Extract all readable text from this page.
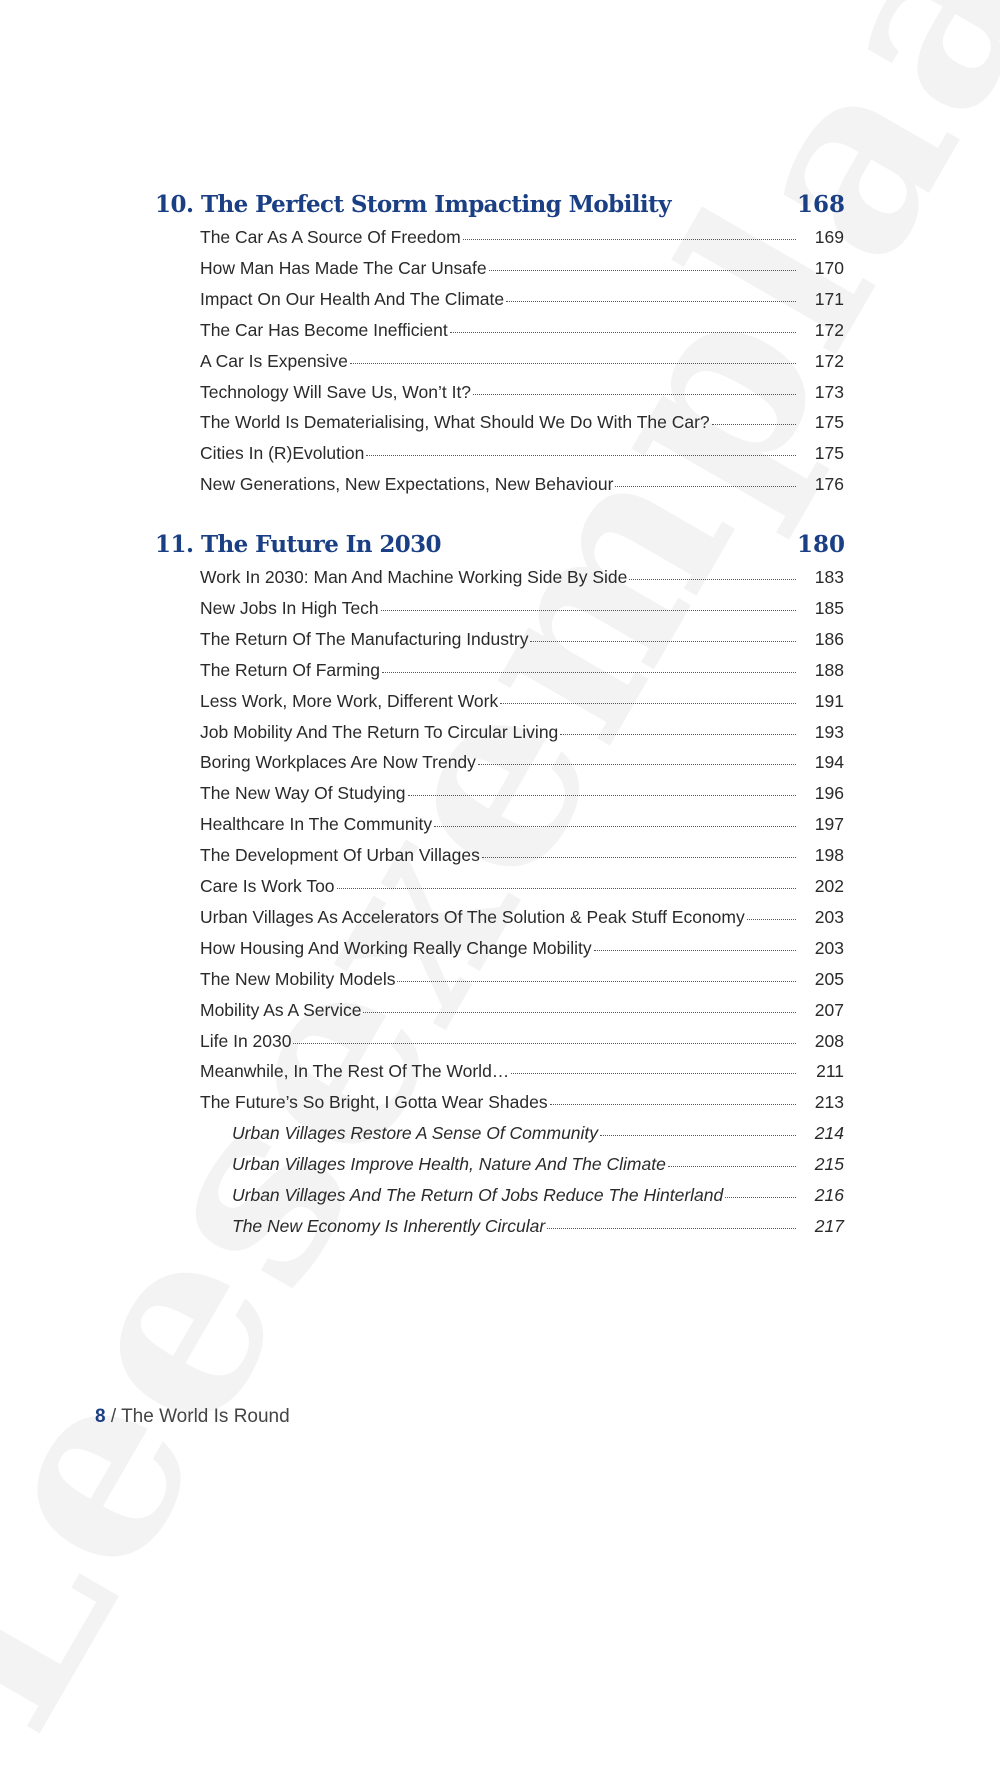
10. The Perfect Storm Impacting Mobility	168
The Car As A Source Of Freedom	169
How Man Has Made The Car Unsafe	170
Impact On Our Health And The Climate	171
The Car Has Become Inefficient	172
A Car Is Expensive	172
Technology Will Save Us, Won’t It?	173
The World Is Dematerialising, What Should We Do With The Car?	175
Cities In (R)Evolution	175
New Generations, New Expectations, New Behaviour	176
11. The Future In 2030	180
Work In 2030: Man And Machine Working Side By Side	183
New Jobs In High Tech	185
The Return Of The Manufacturing Industry	186
The Return Of Farming	188
Less Work, More Work, Different Work	191
Job Mobility And The Return To Circular Living	193
Boring Workplaces Are Now Trendy	194
The New Way Of Studying	196
Healthcare In The Community	197
The Development Of Urban Villages	198
Care Is Work Too	202
Urban Villages As Accelerators Of The Solution & Peak Stuff Economy	203
How Housing And Working Really Change Mobility	203
The New Mobility Models	205
Mobility As A Service	207
Life In 2030	208
Meanwhile, In The Rest Of The World…	211
The Future’s So Bright, I Gotta Wear Shades	213
Urban Villages Restore A Sense Of Community	214
Urban Villages Improve Health, Nature And The Climate	215
Urban Villages And The Return Of Jobs Reduce The Hinterland	216
The New Economy Is Inherently Circular	217
8 / The World Is Round
